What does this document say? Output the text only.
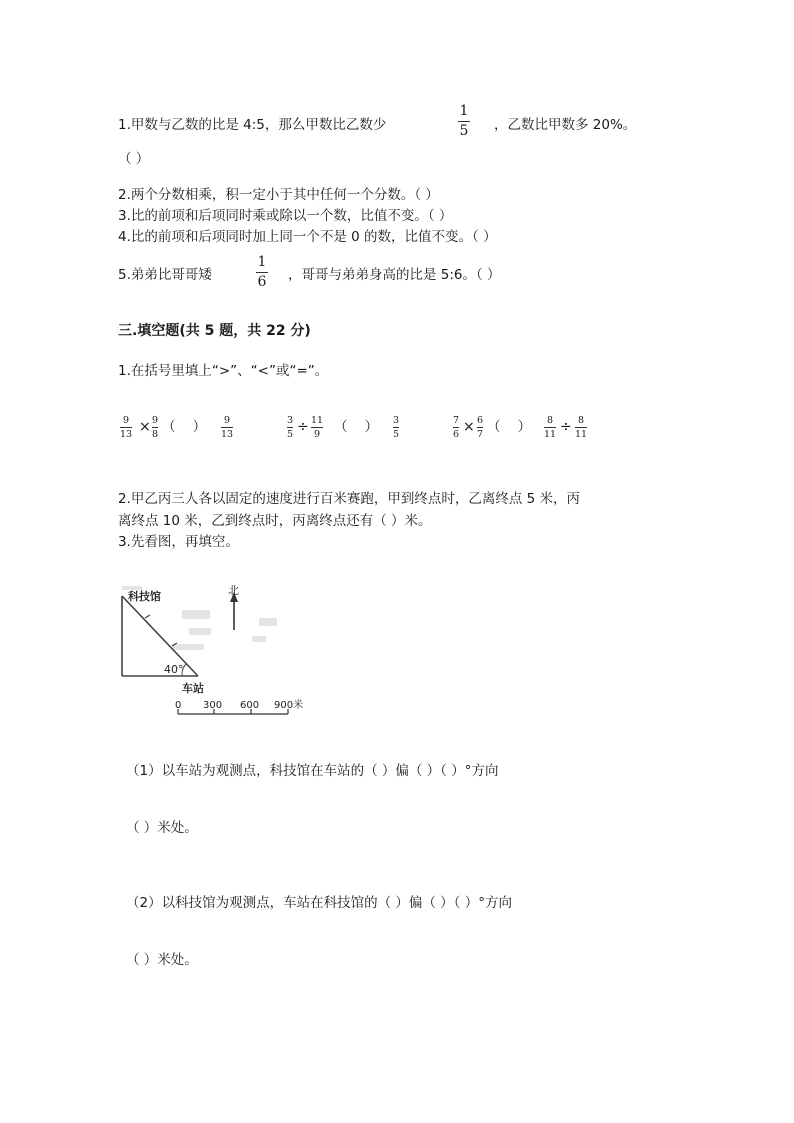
1.甲数与乙数的比是 4:5，那么甲数比乙数少
1
5 ，乙数比甲数多 20%。
（ ）
2.两个分数相乘，积一定小于其中任何一个分数。（ ）
3.比的前项和后项同时乘或除以一个数，比值不变。（ ）
4.比的前项和后项同时加上同一个不是 0 的数，比值不变。（ ）
5.弟弟比哥哥矮
1
6 ，哥哥与弟弟身高的比是 5:6。（ ）
三.填空题(共 5 题，共 22 分)
1.在括号里填上“>”、“<”或“=”。
9
13 × 9
8 （    ） 9
13
3
5 ÷ 11
9 （    ） 3
5
7
6 × 6
7 （    ） 8
11 ÷ 8
11
2.甲乙丙三人各以固定的速度进行百米赛跑，甲到终点时，乙离终点 5 米，丙
离终点 10 米，乙到终点时，丙离终点还有（ ）米。
3.先看图，再填空。
40°
科技馆
车站
北
0 300 600 900米
（1）以车站为观测点，科技馆在车站的（ ）偏（ ）（ ）°方向
（ ）米处。
（2）以科技馆为观测点，车站在科技馆的（ ）偏（ ）（ ）°方向
（ ）米处。
